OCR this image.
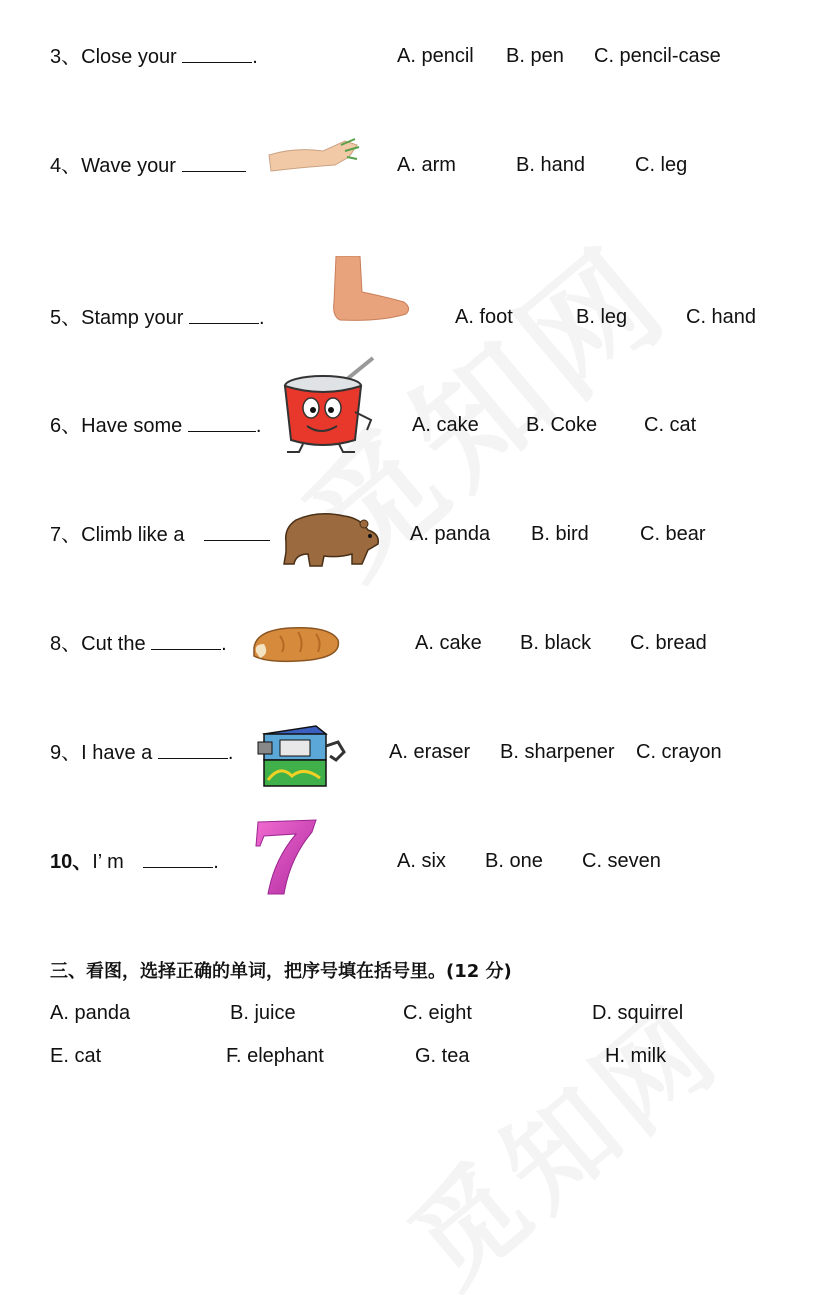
3、Close your	.	A. pencil B. pen C. pencil-case
4、Wave your	A. arm	B. hand	C. leg
5、Stamp your	.	A. foot	B. leg	C. hand
6、Have some	.	A. cake B. Coke C. cat
7、Climb like a	A. panda B. bird	C. bear
8、Cut the	.	A. cake B. black C. bread
9、I have a	.	A. eraser B. sharpener C. crayon
10、I’ m	.	A. six B. one C. seven
三、看图，选择正确的单词，把序号填在括号里。(12 分)
A. panda	B. juice	C. eight	D. squirrel
E. cat	F. elephant	G. tea	H. milk
